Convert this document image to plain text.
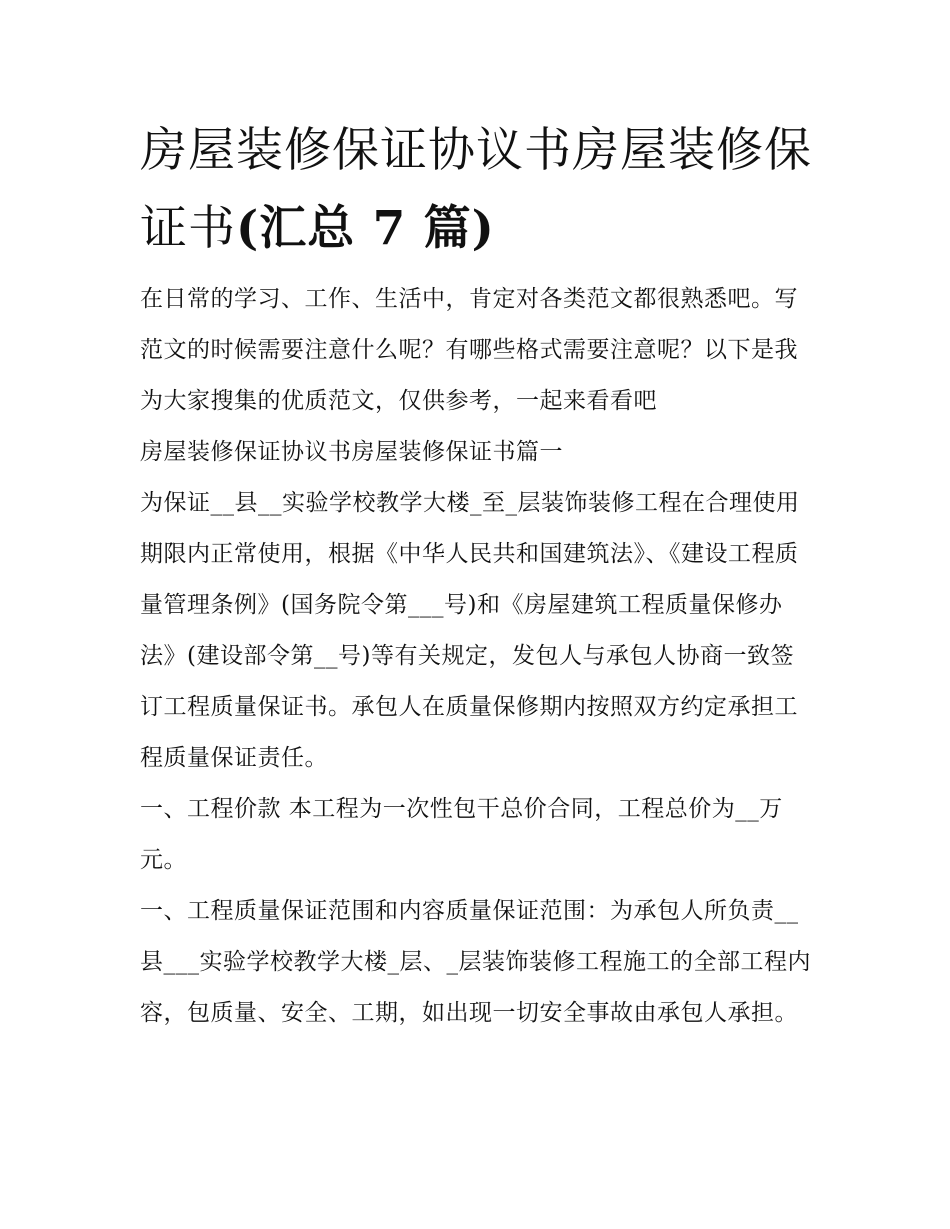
房屋装修保证协议书房屋装修保证书(汇总 7 篇)

在日常的学习、工作、生活中，肯定对各类范文都很熟悉吧。写范文的时候需要注意什么呢？有哪些格式需要注意呢？以下是我为大家搜集的优质范文，仅供参考，一起来看看吧

房屋装修保证协议书房屋装修保证书篇一

为保证__县__实验学校教学大楼_至_层装饰装修工程在合理使用期限内正常使用，根据《中华人民共和国建筑法》、《建设工程质量管理条例》(国务院令第___号)和《房屋建筑工程质量保修办法》(建设部令第__号)等有关规定，发包人与承包人协商一致签订工程质量保证书。承包人在质量保修期内按照双方约定承担工程质量保证责任。

一、工程价款 本工程为一次性包干总价合同，工程总价为__万元。

一、工程质量保证范围和内容质量保证范围：为承包人所负责__县___实验学校教学大楼_层、_层装饰装修工程施工的全部工程内容，包质量、安全、工期，如出现一切安全事故由承包人承担。
